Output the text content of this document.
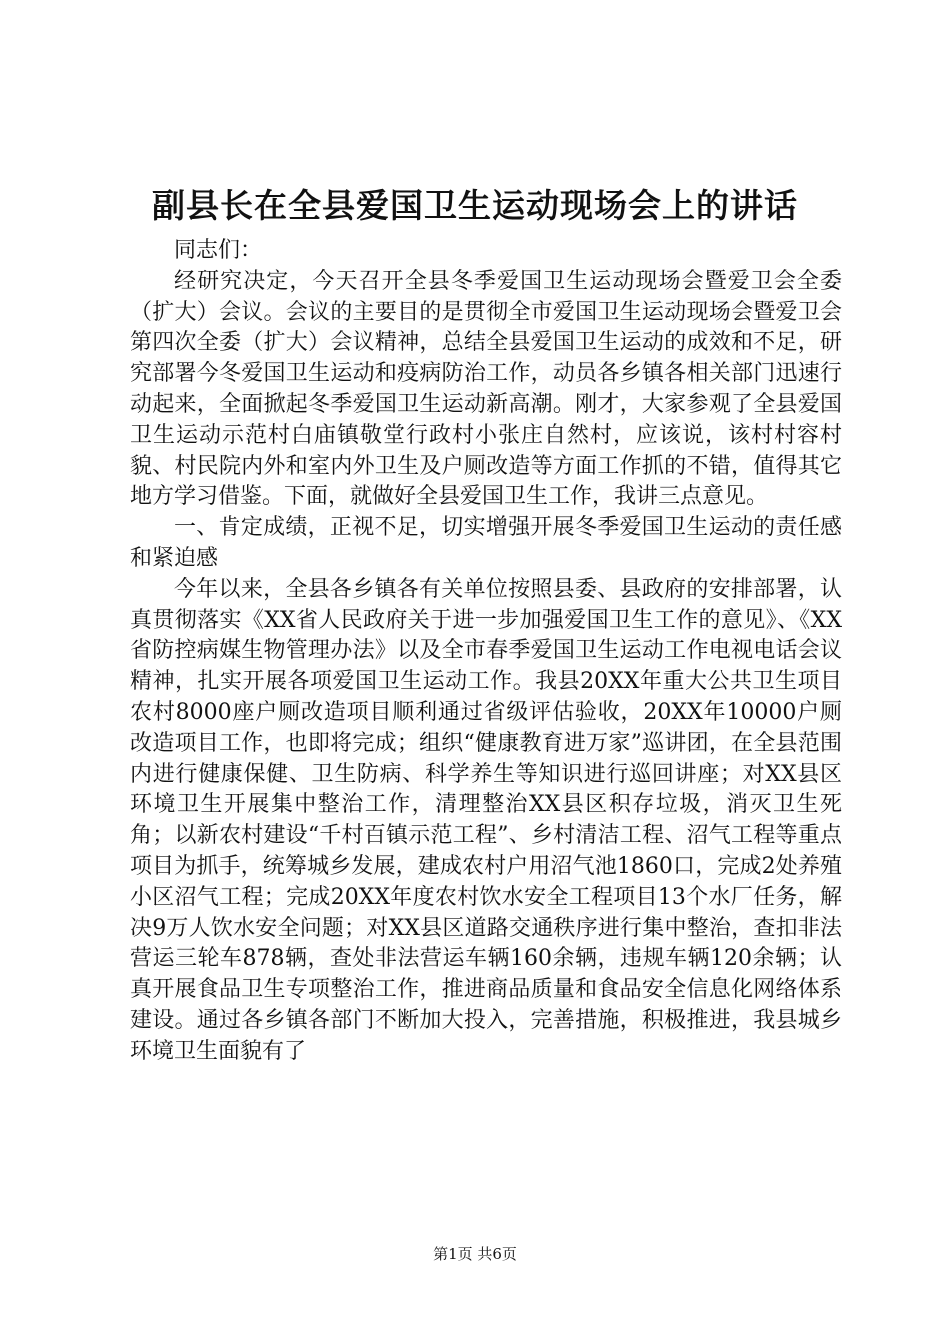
副县长在全县爱国卫生运动现场会上的讲话

同志们：

经研究决定，今天召开全县冬季爱国卫生运动现场会暨爱卫会全委（扩大）会议。会议的主要目的是贯彻全市爱国卫生运动现场会暨爱卫会第四次全委（扩大）会议精神，总结全县爱国卫生运动的成效和不足，研究部署今冬爱国卫生运动和疫病防治工作，动员各乡镇各相关部门迅速行动起来，全面掀起冬季爱国卫生运动新高潮。刚才，大家参观了全县爱国卫生运动示范村白庙镇敬堂行政村小张庄自然村，应该说，该村村容村貌、村民院内外和室内外卫生及户厕改造等方面工作抓的不错，值得其它地方学习借鉴。下面，就做好全县爱国卫生工作，我讲三点意见。

一、肯定成绩，正视不足，切实增强开展冬季爱国卫生运动的责任感和紧迫感

今年以来，全县各乡镇各有关单位按照县委、县政府的安排部署，认真贯彻落实《XX省人民政府关于进一步加强爱国卫生工作的意见》、《XX省防控病媒生物管理办法》以及全市春季爱国卫生运动工作电视电话会议精神，扎实开展各项爱国卫生运动工作。我县20XX年重大公共卫生项目农村8000座户厕改造项目顺利通过省级评估验收，20XX年10000户厕改造项目工作，也即将完成；组织“健康教育进万家”巡讲团，在全县范围内进行健康保健、卫生防病、科学养生等知识进行巡回讲座；对XX县区环境卫生开展集中整治工作，清理整治XX县区积存垃圾，消灭卫生死角；以新农村建设“千村百镇示范工程”、乡村清洁工程、沼气工程等重点项目为抓手，统筹城乡发展，建成农村户用沼气池1860口，完成2处养殖小区沼气工程；完成20XX年度农村饮水安全工程项目13个水厂任务，解决9万人饮水安全问题；对XX县区道路交通秩序进行集中整治，查扣非法营运三轮车878辆，查处非法营运车辆160余辆，违规车辆120余辆；认真开展食品卫生专项整治工作，推进商品质量和食品安全信息化网络体系建设。通过各乡镇各部门不断加大投入，完善措施，积极推进，我县城乡环境卫生面貌有了

第1页 共6页
